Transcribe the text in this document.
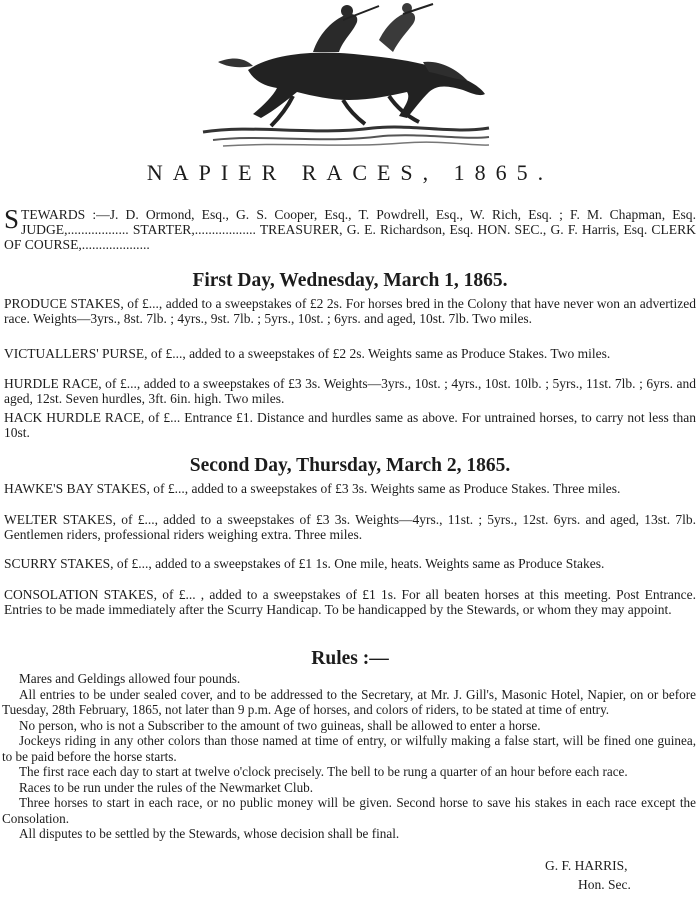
NAPIER RACES, 1865.
STEWARDS :—J. D. Ormond, Esq., G. S. Cooper, Esq., T. Powdrell, Esq., W. Rich, Esq. ; F. M. Chapman, Esq. JUDGE,.................. STARTER,.................. TREASURER, G. E. Richardson, Esq. HON. SEC., G. F. Harris, Esq. CLERK OF COURSE,....................
First Day, Wednesday, March 1, 1865.
PRODUCE STAKES, of £..., added to a sweepstakes of £2 2s. For horses bred in the Colony that have never won an advertized race. Weights—3yrs., 8st. 7lb. ; 4yrs., 9st. 7lb. ; 5yrs., 10st. ; 6yrs. and aged, 10st. 7lb. Two miles.
VICTUALLERS' PURSE, of £..., added to a sweepstakes of £2 2s. Weights same as Produce Stakes. Two miles.
HURDLE RACE, of £..., added to a sweepstakes of £3 3s. Weights—3yrs., 10st. ; 4yrs., 10st. 10lb. ; 5yrs., 11st. 7lb. ; 6yrs. and aged, 12st. Seven hurdles, 3ft. 6in. high. Two miles.
HACK HURDLE RACE, of £... Entrance £1. Distance and hurdles same as above. For untrained horses, to carry not less than 10st.
Second Day, Thursday, March 2, 1865.
HAWKE'S BAY STAKES, of £..., added to a sweepstakes of £3 3s. Weights same as Produce Stakes. Three miles.
WELTER STAKES, of £..., added to a sweepstakes of £3 3s. Weights—4yrs., 11st. ; 5yrs., 12st. 6yrs. and aged, 13st. 7lb. Gentlemen riders, professional riders weighing extra. Three miles.
SCURRY STAKES, of £..., added to a sweepstakes of £1 1s. One mile, heats. Weights same as Produce Stakes.
CONSOLATION STAKES, of £... , added to a sweepstakes of £1 1s. For all beaten horses at this meeting. Post Entrance. Entries to be made immediately after the Scurry Handicap. To be handicapped by the Stewards, or whom they may appoint.
Rules :—

Mares and Geldings allowed four pounds.

All entries to be under sealed cover, and to be addressed to the Secretary, at Mr. J. Gill's, Masonic Hotel, Napier, on or before Tuesday, 28th February, 1865, not later than 9 p.m. Age of horses, and colors of riders, to be stated at time of entry.

No person, who is not a Subscriber to the amount of two guineas, shall be allowed to enter a horse.

Jockeys riding in any other colors than those named at time of entry, or wilfully making a false start, will be fined one guinea, to be paid before the horse starts.

The first race each day to start at twelve o'clock precisely. The bell to be rung a quarter of an hour before each race.

Races to be run under the rules of the Newmarket Club.

Three horses to start in each race, or no public money will be given. Second horse to save his stakes in each race except the Consolation.

All disputes to be settled by the Stewards, whose decision shall be final.

G. F. HARRIS,
Hon. Sec.
